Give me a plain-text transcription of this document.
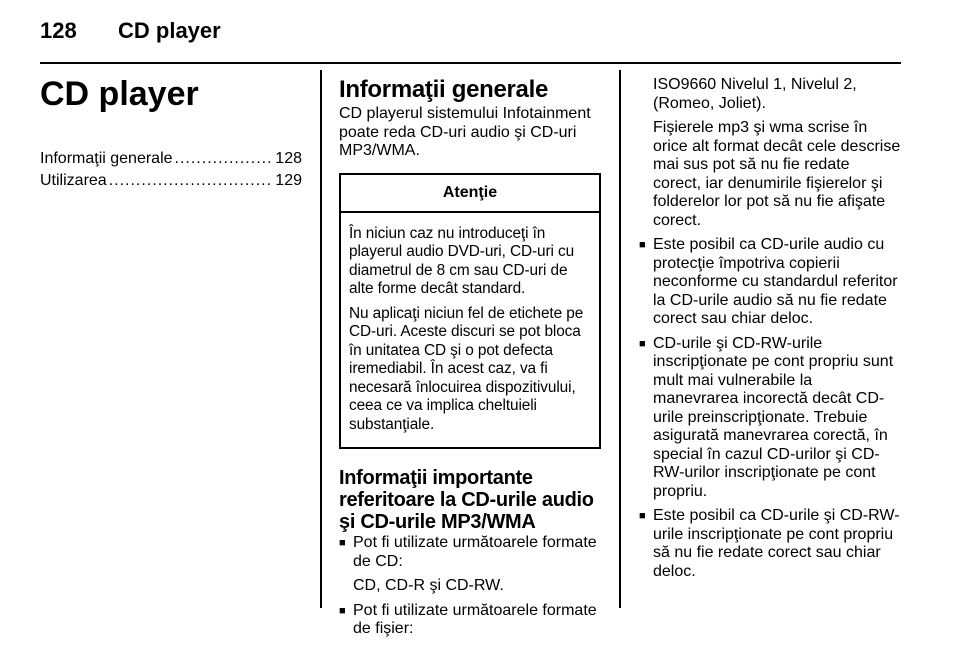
128 CD player
CD player
Informaţii generale .....	128
Utilizarea .....	129
Informaţii generale

CD playerul sistemului Infotainment poate reda CD-uri audio şi CD-uri MP3/WMA.

Atenţie

În niciun caz nu introduceţi în playerul audio DVD-uri, CD-uri cu diametrul de 8 cm sau CD-uri de alte forme decât standard.

Nu aplicaţi niciun fel de etichete pe CD-uri. Aceste discuri se pot bloca în unitatea CD şi o pot defecta iremediabil. În acest caz, va fi necesară înlocuirea dispozitivului, ceea ce va implica cheltuieli substanţiale.

Informaţii importante referitoare la CD-urile audio şi CD-urile MP3/WMA
■ Pot fi utilizate următoarele formate de CD:

CD, CD-R şi CD-RW.

■ Pot fi utilizate următoarele formate de fişier:

ISO9660 Nivelul 1, Nivelul 2, (Romeo, Joliet).

Fişierele mp3 şi wma scrise în orice alt format decât cele descrise mai sus pot să nu fie redate corect, iar denumirile fişierelor şi folderelor lor pot să nu fie afişate corect.

■ Este posibil ca CD-urile audio cu protecţie împotriva copierii neconforme cu standardul referitor la CD-urile audio să nu fie redate corect sau chiar deloc.
■ CD-urile şi CD-RW-urile inscripţionate pe cont propriu sunt mult mai vulnerabile la manevrarea incorectă decât CD-urile preinscripţionate. Trebuie asigurată manevrarea corectă, în special în cazul CD-urilor şi CD-RW-urilor inscripţionate pe cont propriu.
■ Este posibil ca CD-urile şi CD-RW-urile inscripţionate pe cont propriu să nu fie redate corect sau chiar deloc.
